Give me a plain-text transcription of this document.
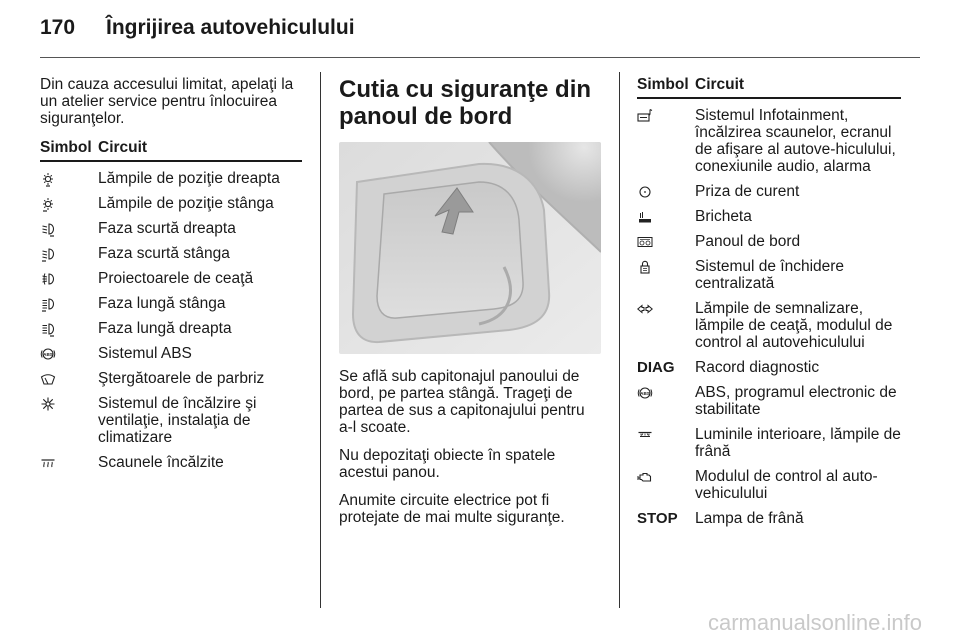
170	Îngrijirea autovehiculului

Din cauza accesului limitat, apelaţi la un atelier service pentru înlocuirea siguranţelor.

Simbol Circuit
Lămpile de poziţie dreapta
Lămpile de poziţie stânga
Faza scurtă dreapta
Faza scurtă stânga
Proiectoarele de ceaţă
Faza lungă stânga
Faza lungă dreapta
ABS	Sistemul ABS
Ştergătoarele de parbriz
Sistemul de încălzire şi ventilaţie, instalaţia de climatizare
Scaunele încălzite
Cutia cu siguranţe din panoul de bord

Se află sub capitonajul panoului de bord, pe partea stângă. Trageţi de partea de sus a capitonajului pentru a-l scoate.

Nu depozitaţi obiecte în spatele acestui panou.

Anumite circuite electrice pot fi protejate de mai multe siguranţe.

Simbol Circuit
Sistemul Infotainment, încălzirea scaunelor, ecranul de afişare al autove-hiculului, conexiunile audio, alarma
Priza de curent
Bricheta
Panoul de bord
Sistemul de închidere centralizată
Lămpile de semnalizare, lămpile de ceaţă, modulul de control al autovehiculului
DIAG	Racord diagnostic
ABS	ABS, programul electronic de stabilitate
Luminile interioare, lămpile de frână
Modulul de control al auto-vehiculului
STOP	Lampa de frână
carmanualsonline.info
